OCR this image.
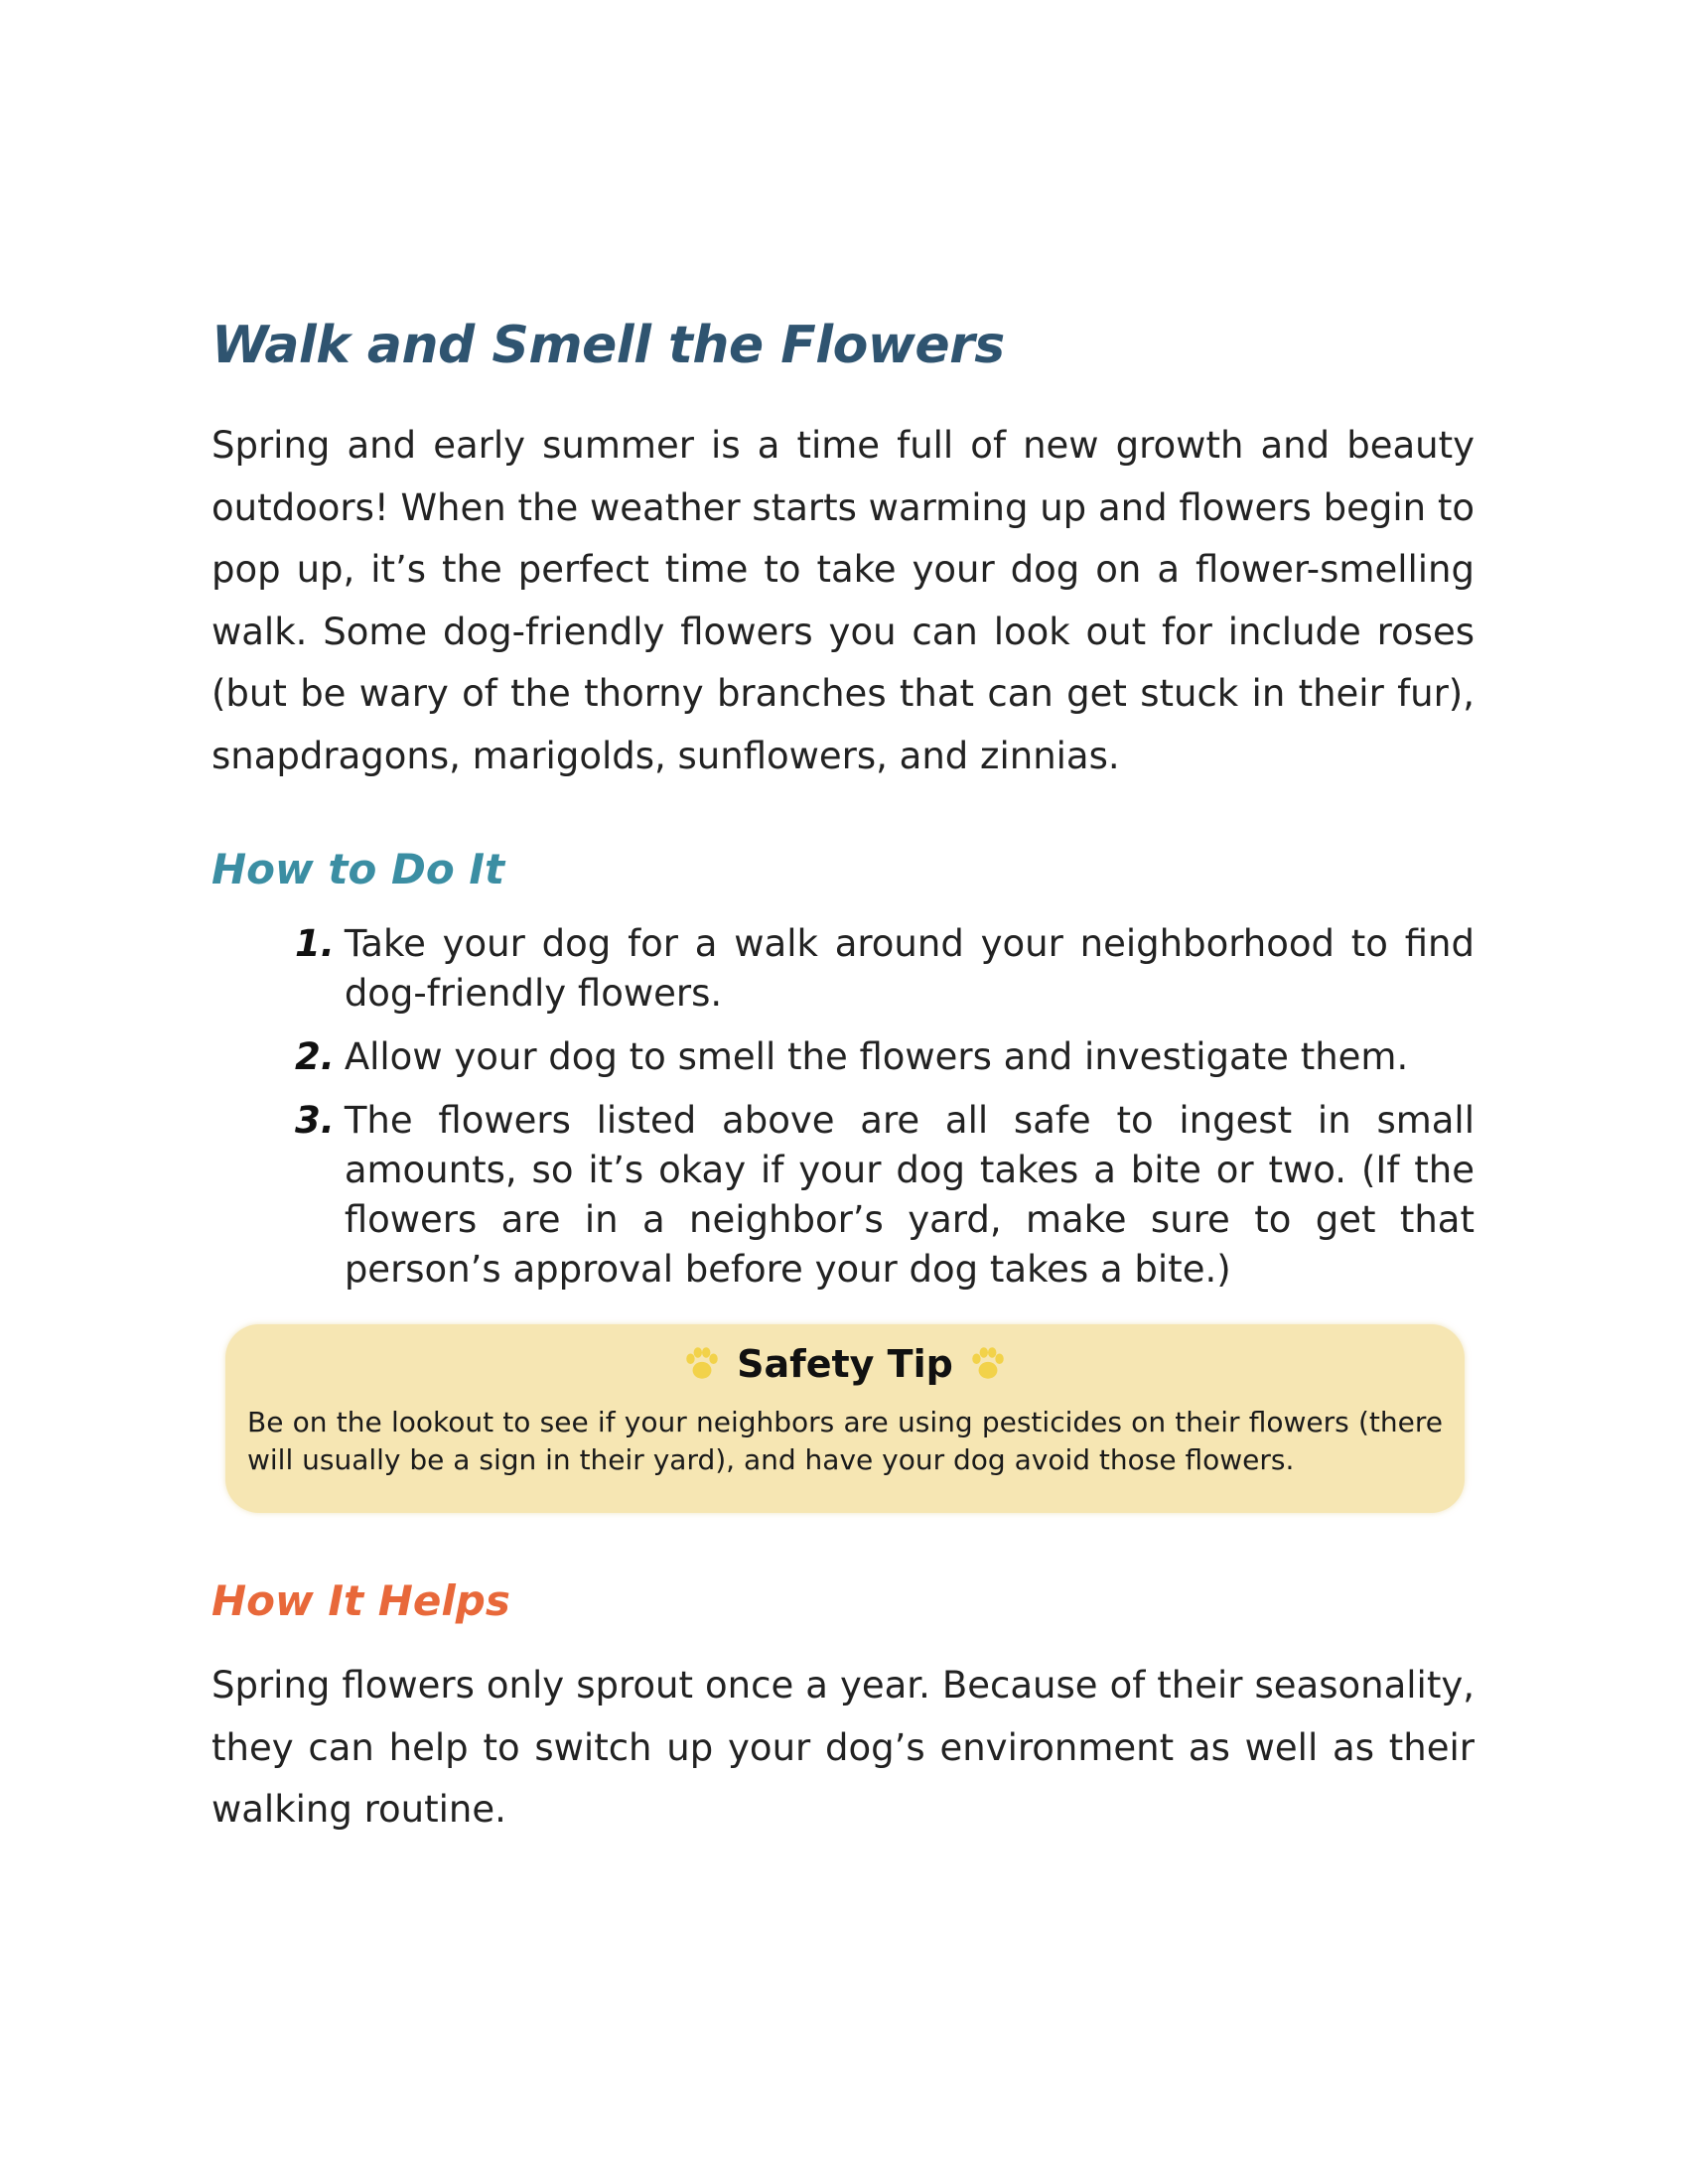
Walk and Smell the Flowers

Spring and early summer is a time full of new growth and beauty outdoors! When the weather starts warming up and flowers begin to pop up, it’s the perfect time to take your dog on a flower-smelling walk. Some dog-friendly flowers you can look out for include roses (but be wary of the thorny branches that can get stuck in their fur), snapdragons, marigolds, sunflowers, and zinnias.

How to Do It
1. Take your dog for a walk around your neighborhood to find dog-friendly flowers.
2. Allow your dog to smell the flowers and investigate them.
3. The flowers listed above are all safe to ingest in small amounts, so it’s okay if your dog takes a bite or two. (If the flowers are in a neighbor’s yard, make sure to get that person’s approval before your dog takes a bite.)
Safety Tip

Be on the lookout to see if your neighbors are using pesticides on their flowers (there will usually be a sign in their yard), and have your dog avoid those flowers.

How It Helps

Spring flowers only sprout once a year. Because of their seasonality, they can help to switch up your dog’s environment as well as their walking routine.
